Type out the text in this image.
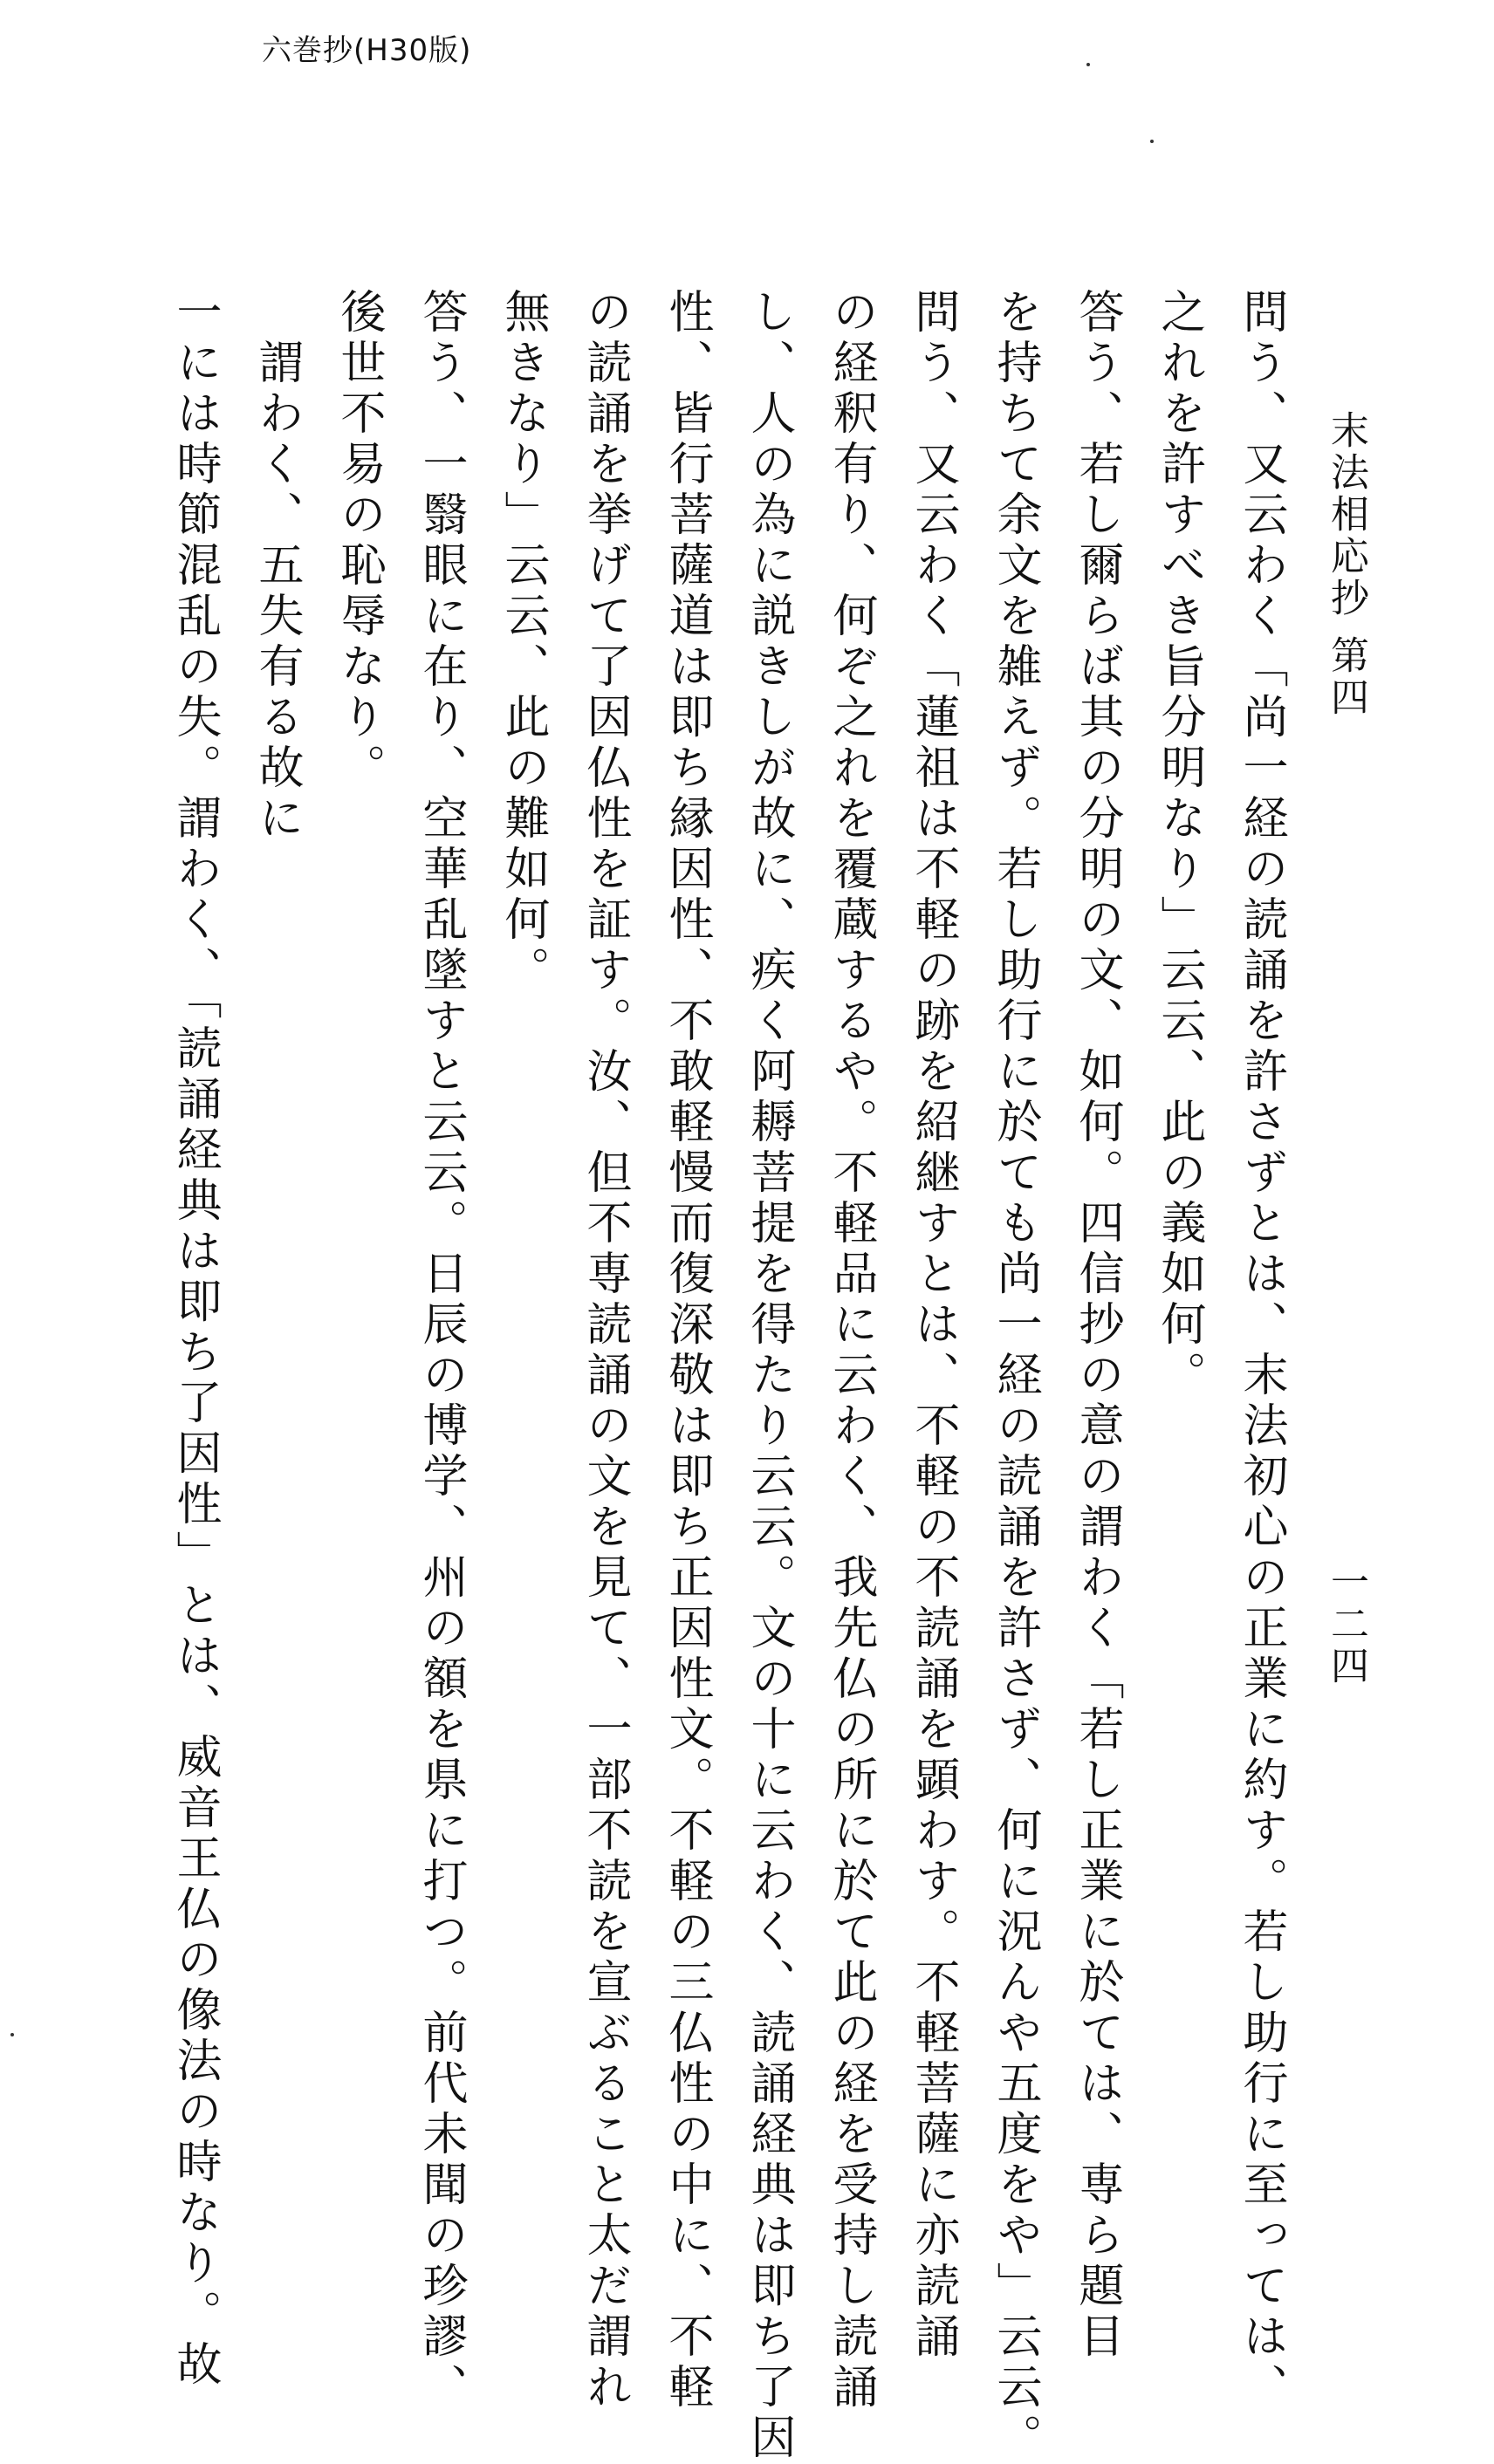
六巻抄(H30版)
末法相応抄 第四
一二四
問う、又云わく「尚一経の読誦を許さずとは、末法初心の正業に約す。若し助行に至っては、
之れを許すべき旨分明なり」云云、此の義如何。
答う、若し爾らば其の分明の文、如何。四信抄の意の謂わく「若し正業に於ては、専ら題目
を持ちて余文を雑えず。若し助行に於ても尚一経の読誦を許さず、何に況んや五度をや」云云。
問う、又云わく「蓮祖は不軽の跡を紹継すとは、不軽の不読誦を顕わす。不軽菩薩に亦読誦
の経釈有り、何ぞ之れを覆蔵するや。不軽品に云わく、我先仏の所に於て此の経を受持し読誦
し、人の為に説きしが故に、疾く阿耨菩提を得たり云云。文の十に云わく、読誦経典は即ち了因
性、皆行菩薩道は即ち縁因性、不敢軽慢而復深敬は即ち正因性文。不軽の三仏性の中に、不軽
の読誦を挙げて了因仏性を証す。汝、但不専読誦の文を見て、一部不読を宣ぶること太だ謂れ
無きなり」云云、此の難如何。
答う、一翳眼に在り、空華乱墜すと云云。日辰の博学、州の額を県に打つ。前代未聞の珍謬、
後世不易の恥辱なり。
謂わく、五失有る故に
一には時節混乱の失。謂わく、「読誦経典は即ち了因性」とは、威音王仏の像法の時なり。故
